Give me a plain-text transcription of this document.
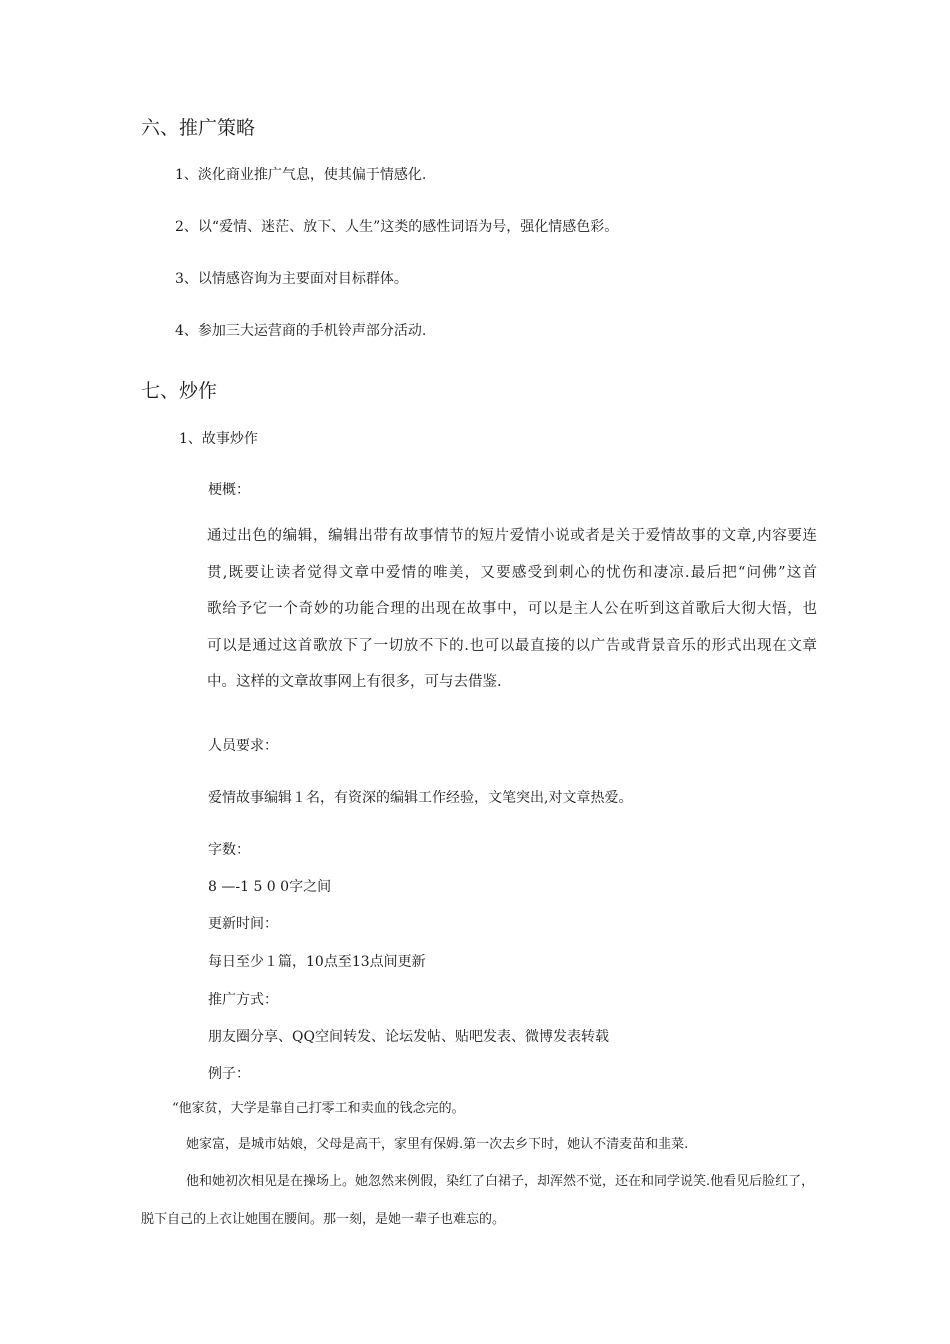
六、推广策略

1、淡化商业推广气息，使其偏于情感化.

2、以“爱情、迷茫、放下、人生”这类的感性词语为号，强化情感色彩。

3、以情感咨询为主要面对目标群体。

4、参加三大运营商的手机铃声部分活动.

七、炒作

1、故事炒作

梗概：

通过出色的编辑，编辑出带有故事情节的短片爱情小说或者是关于爱情故事的文章,内容要连
贯,既要让读者觉得文章中爱情的唯美，又要感受到刺心的忧伤和凄凉.最后把“问佛”这首
歌给予它一个奇妙的功能合理的出现在故事中，可以是主人公在听到这首歌后大彻大悟，也
可以是通过这首歌放下了一切放不下的.也可以最直接的以广告或背景音乐的形式出现在文章
中。这样的文章故事网上有很多，可与去借鉴.

人员要求：

爱情故事编辑１名，有资深的编辑工作经验，文笔突出,对文章热爱。

字数：

8 —-1 5 0 0字之间

更新时间：

每日至少１篇，10点至13点间更新

推广方式：

朋友圈分享、QQ空间转发、论坛发帖、贴吧发表、微博发表转载

例子：

“他家贫，大学是靠自己打零工和卖血的钱念完的。

她家富，是城市姑娘，父母是高干，家里有保姆.第一次去乡下时，她认不清麦苗和韭菜.

他和她初次相见是在操场上。她忽然来例假，染红了白裙子，却浑然不觉，还在和同学说笑.他看见后脸红了，

脱下自己的上衣让她围在腰间。那一刻，是她一辈子也难忘的。
